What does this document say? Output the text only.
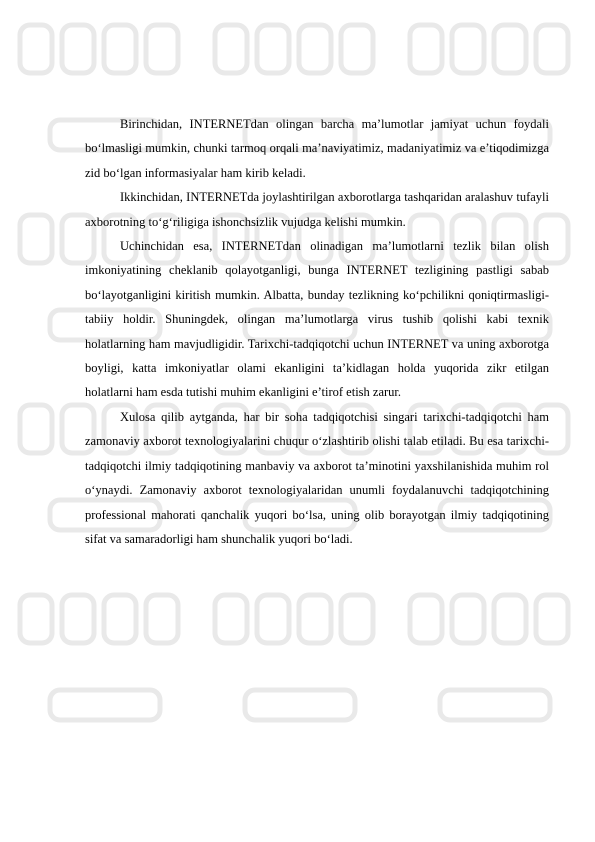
Birinchidan, INTERNETdan olingan barcha ma’lumotlar jamiyat uchun foydali bo‘lmasligi mumkin, chunki tarmoq orqali ma’naviyatimiz, madaniyatimiz va e’tiqodimizga zid bo‘lgan informasiyalar ham kirib keladi.

Ikkinchidan, INTERNETda joylashtirilgan axborotlarga tashqaridan aralashuv tufayli axborotning to‘g‘riligiga ishonchsizlik vujudga kelishi mumkin.

Uchinchidan esa, INTERNETdan olinadigan ma’lumotlarni tezlik bilan olish imkoniyatining cheklanib qolayotganligi, bunga INTERNET tezligining pastligi sabab bo‘layotganligini kiritish mumkin. Albatta, bunday tezlikning ko‘pchilikni qoniqtirmasligi-tabiiy holdir. Shuningdek, olingan ma’lumotlarga virus tushib qolishi kabi texnik holatlarning ham mavjudligidir. Tarixchi-tadqiqotchi uchun INTERNET va uning axborotga boyligi, katta imkoniyatlar olami ekanligini ta’kidlagan holda yuqorida zikr etilgan holatlarni ham esda tutishi muhim ekanligini e’tirof etish zarur.

Xulosa qilib aytganda, har bir soha tadqiqotchisi singari tarixchi-tadqiqotchi ham zamonaviy axborot texnologiyalarini chuqur o‘zlashtirib olishi talab etiladi. Bu esa tarixchi-tadqiqotchi ilmiy tadqiqotining manbaviy va axborot ta’minotini yaxshilanishida muhim rol o‘ynaydi. Zamonaviy axborot texnologiyalaridan unumli foydalanuvchi tadqiqotchining professional mahorati qanchalik yuqori bo‘lsa, uning olib borayotgan ilmiy tadqiqotining sifat va samaradorligi ham shunchalik yuqori bo‘ladi.
